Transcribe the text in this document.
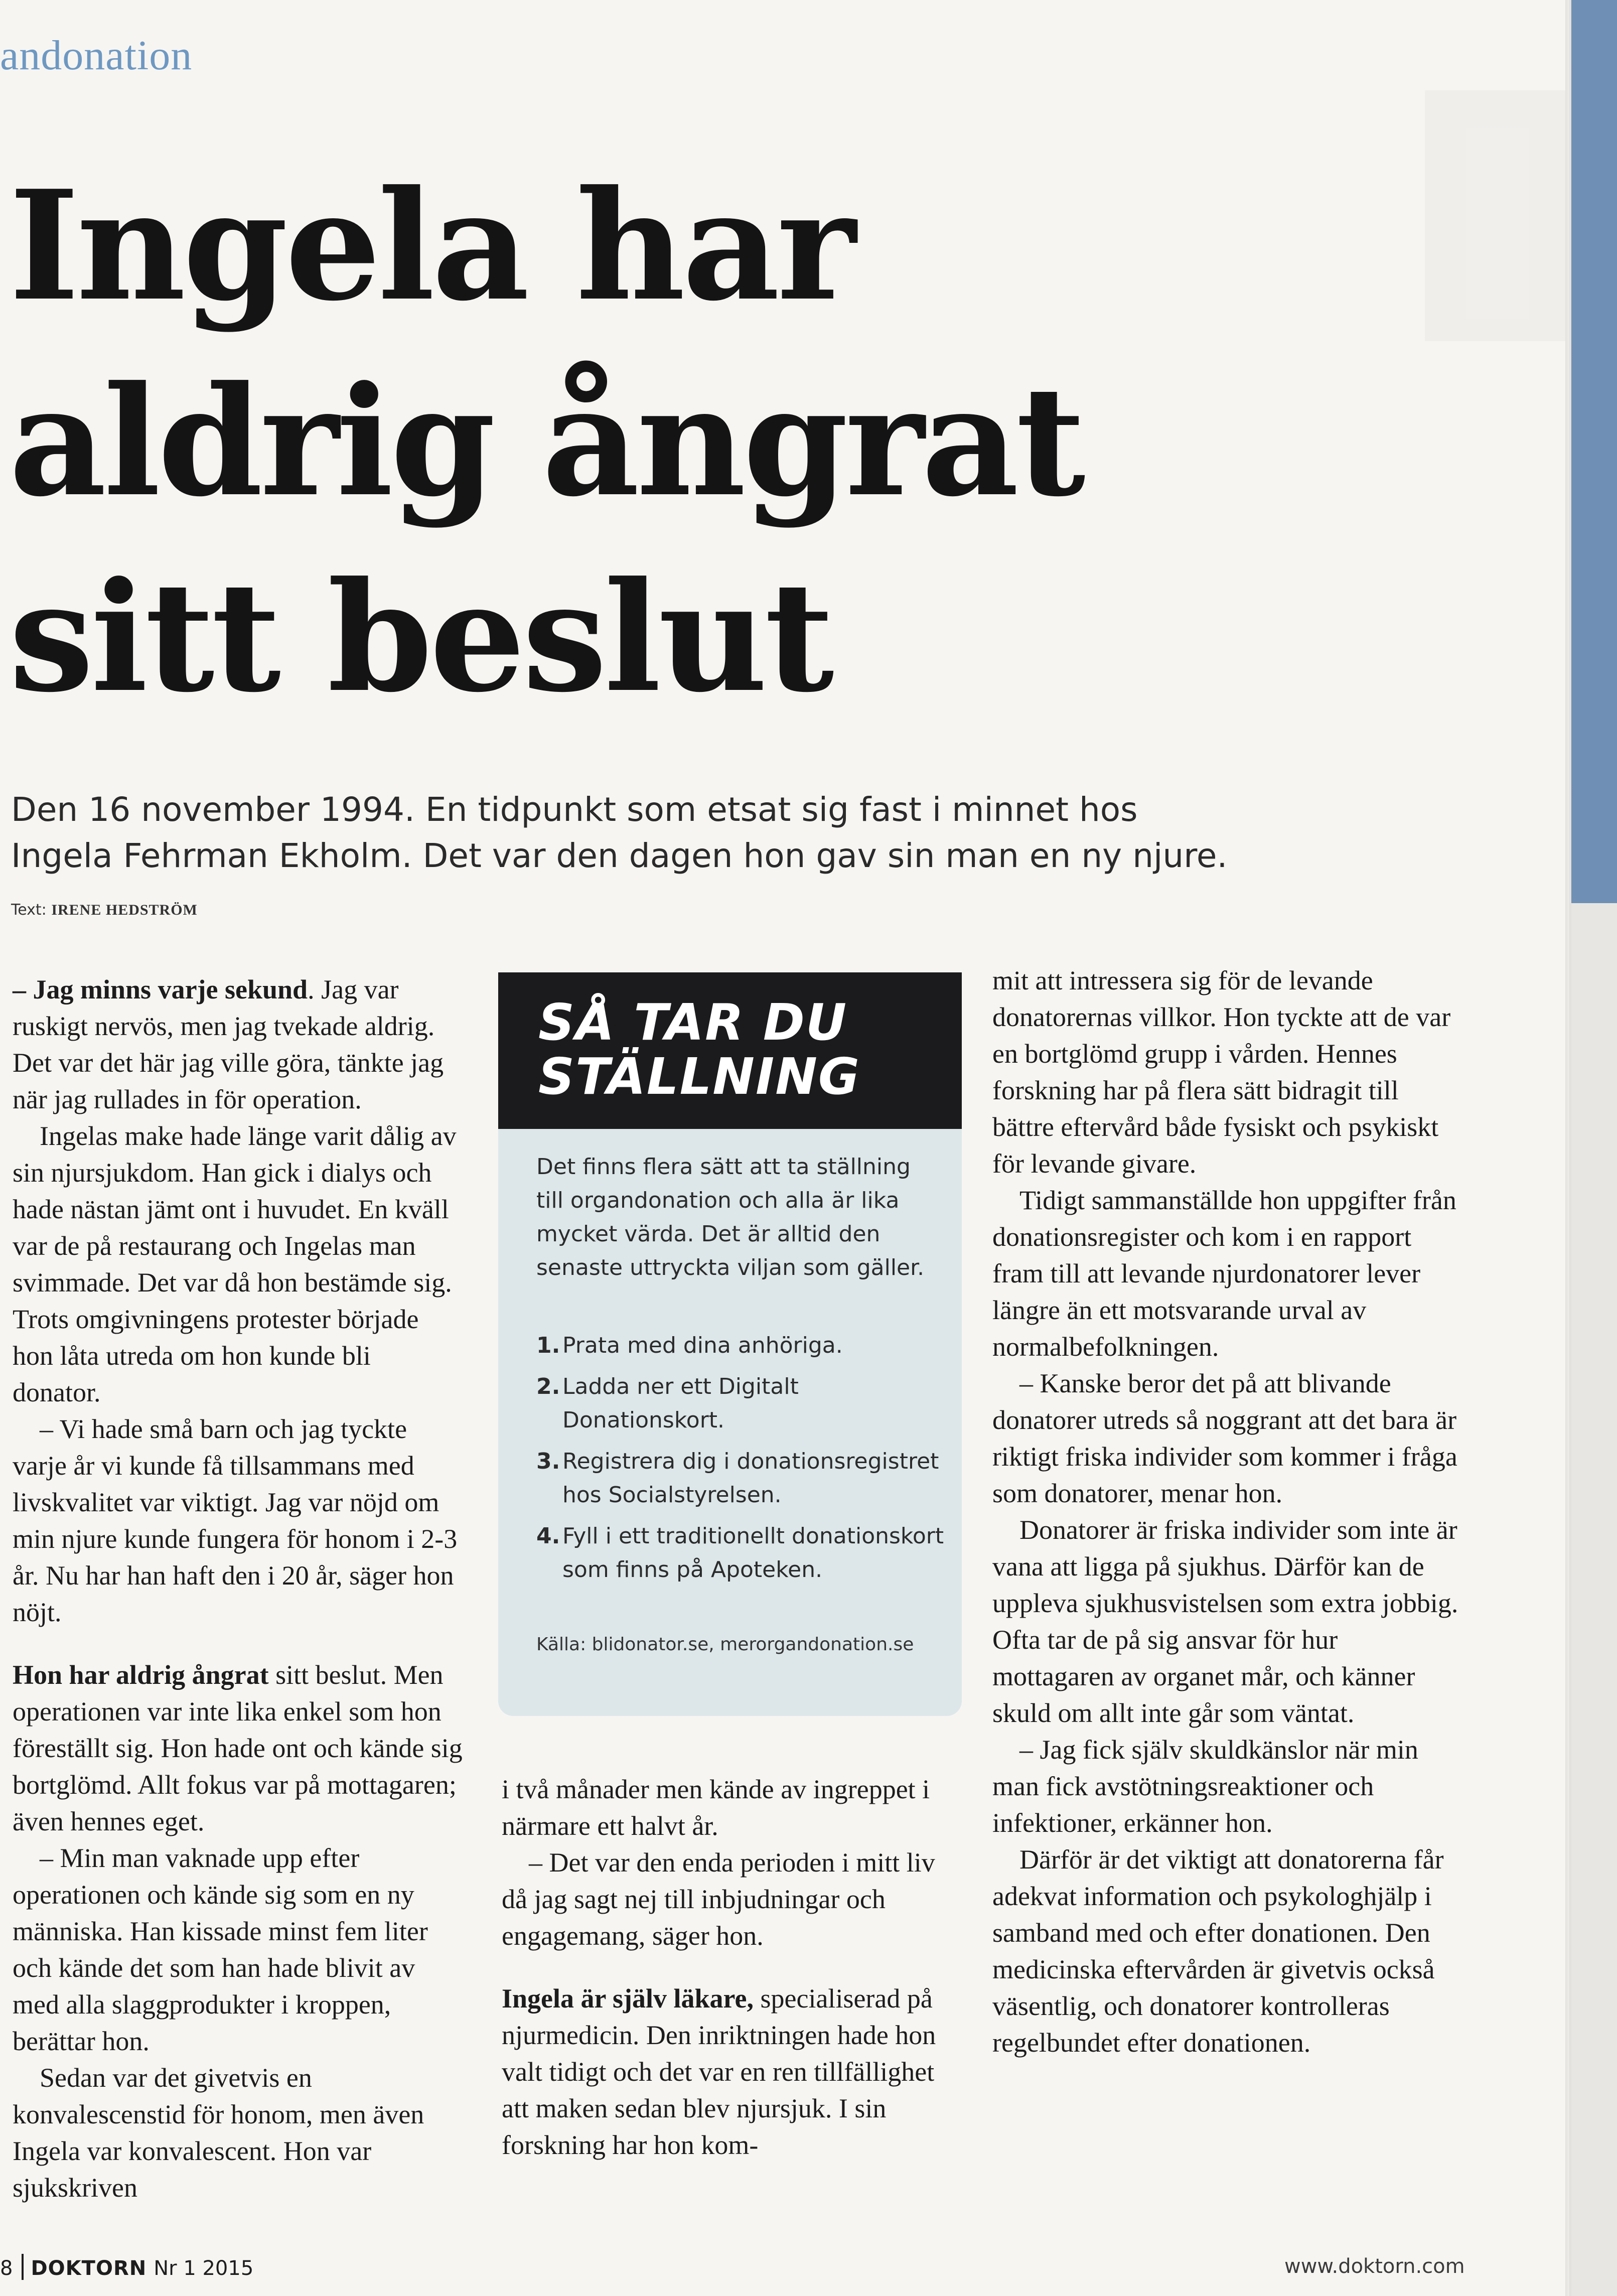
andonation
Ingela har
aldrig ångrat
sitt beslut
Den 16 november 1994. En tidpunkt som etsat sig fast i minnet hos
Ingela Fehrman Ekholm. Det var den dagen hon gav sin man en ny njure.
Text: IRENE HEDSTRÖM

– Jag minns varje sekund. Jag var ruskigt nervös, men jag tvekade aldrig. Det var det här jag ville göra, tänkte jag när jag rullades in för operation.

Ingelas make hade länge varit dålig av sin njursjukdom. Han gick i dialys och hade nästan jämt ont i huvudet. En kväll var de på restaurang och Ingelas man svimmade. Det var då hon bestämde sig. Trots omgivningens protester började hon låta utreda om hon kunde bli donator.

– Vi hade små barn och jag tyckte varje år vi kunde få tillsammans med livskvalitet var viktigt. Jag var nöjd om min njure kunde fungera för honom i 2-3 år. Nu har han haft den i 20 år, säger hon nöjt.

Hon har aldrig ångrat sitt beslut. Men operationen var inte lika enkel som hon föreställt sig. Hon hade ont och kände sig bortglömd. Allt fokus var på mottagaren; även hennes eget.

– Min man vaknade upp efter operationen och kände sig som en ny människa. Han kissade minst fem liter och kände det som han hade blivit av med alla slaggprodukter i kroppen, berättar hon.

Sedan var det givetvis en konvalescenstid för honom, men även Ingela var konvalescent. Hon var sjukskriven

SÅ TAR DU
STÄLLNING
Det finns flera sätt att ta ställning till organdonation och alla är lika mycket värda. Det är alltid den senaste uttryckta viljan som gäller.
1. Prata med dina anhöriga.
2. Ladda ner ett Digitalt Donationskort.
3. Registrera dig i donationsregistret hos Socialstyrelsen.
4. Fyll i ett traditionellt donationskort som finns på Apoteken.
Källa: blidonator.se, merorgandonation.se

i två månader men kände av ingreppet i närmare ett halvt år.

– Det var den enda perioden i mitt liv då jag sagt nej till inbjudningar och engagemang, säger hon.

Ingela är själv läkare, specialiserad på njurmedicin. Den inriktningen hade hon valt tidigt och det var en ren tillfällighet att maken sedan blev njursjuk. I sin forskning har hon kom-

mit att intressera sig för de levande donatorernas villkor. Hon tyckte att de var en bortglömd grupp i vården. Hennes forskning har på flera sätt bidragit till bättre eftervård både fysiskt och psykiskt för levande givare.

Tidigt sammanställde hon uppgifter från donationsregister och kom i en rapport fram till att levande njurdonatorer lever längre än ett motsvarande urval av normalbefolkningen.

– Kanske beror det på att blivande donatorer utreds så noggrant att det bara är riktigt friska individer som kommer i fråga som donatorer, menar hon.

Donatorer är friska individer som inte är vana att ligga på sjukhus. Därför kan de uppleva sjukhusvistelsen som extra jobbig. Ofta tar de på sig ansvar för hur mottagaren av organet mår, och känner skuld om allt inte går som väntat.

– Jag fick själv skuldkänslor när min man fick avstötningsreaktioner och infektioner, erkänner hon.

Därför är det viktigt att donatorerna får adekvat information och psykologhjälp i samband med och efter donationen. Den medicinska eftervården är givetvis också väsentlig, och donatorer kontrolleras regelbundet efter donationen.

8 DOKTORN Nr 1 2015	www.doktorn.com
